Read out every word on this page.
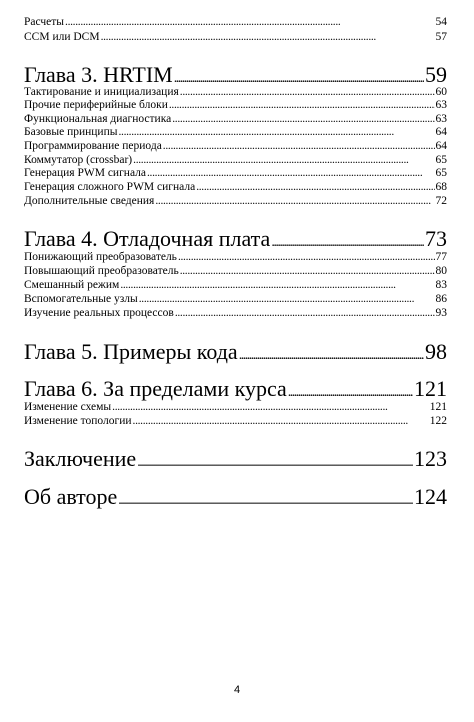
Расчеты . . .	54
CCM или DCM . . .	57
Глава 3. HRTIM .....	59
Тактирование и инициализация . . .	60
Прочие периферийные блоки . . .	63
Функциональная диагностика . . .	63
Базовые принципы . . .	64
Программирование периода . . .	64
Коммутатор (crossbar) . . .	65
Генерация PWM сигнала . . .	65
Генерация сложного PWM сигнала . . .	68
Дополнительные сведения . . .	72
Глава 4. Отладочная плата .....	73
Понижающий преобразователь . . .	77
Повышающий преобразователь . . .	80
Смешанный режим . . .	83
Вспомогательные узлы . . .	86
Изучение реальных процессов . . .	93
Глава 5. Примеры кода .....	98
Глава 6. За пределами курса .....	121
Изменение схемы . . .	121
Изменение топологии . . .	122
Заключение .....	123
Об авторе .....	124
4
